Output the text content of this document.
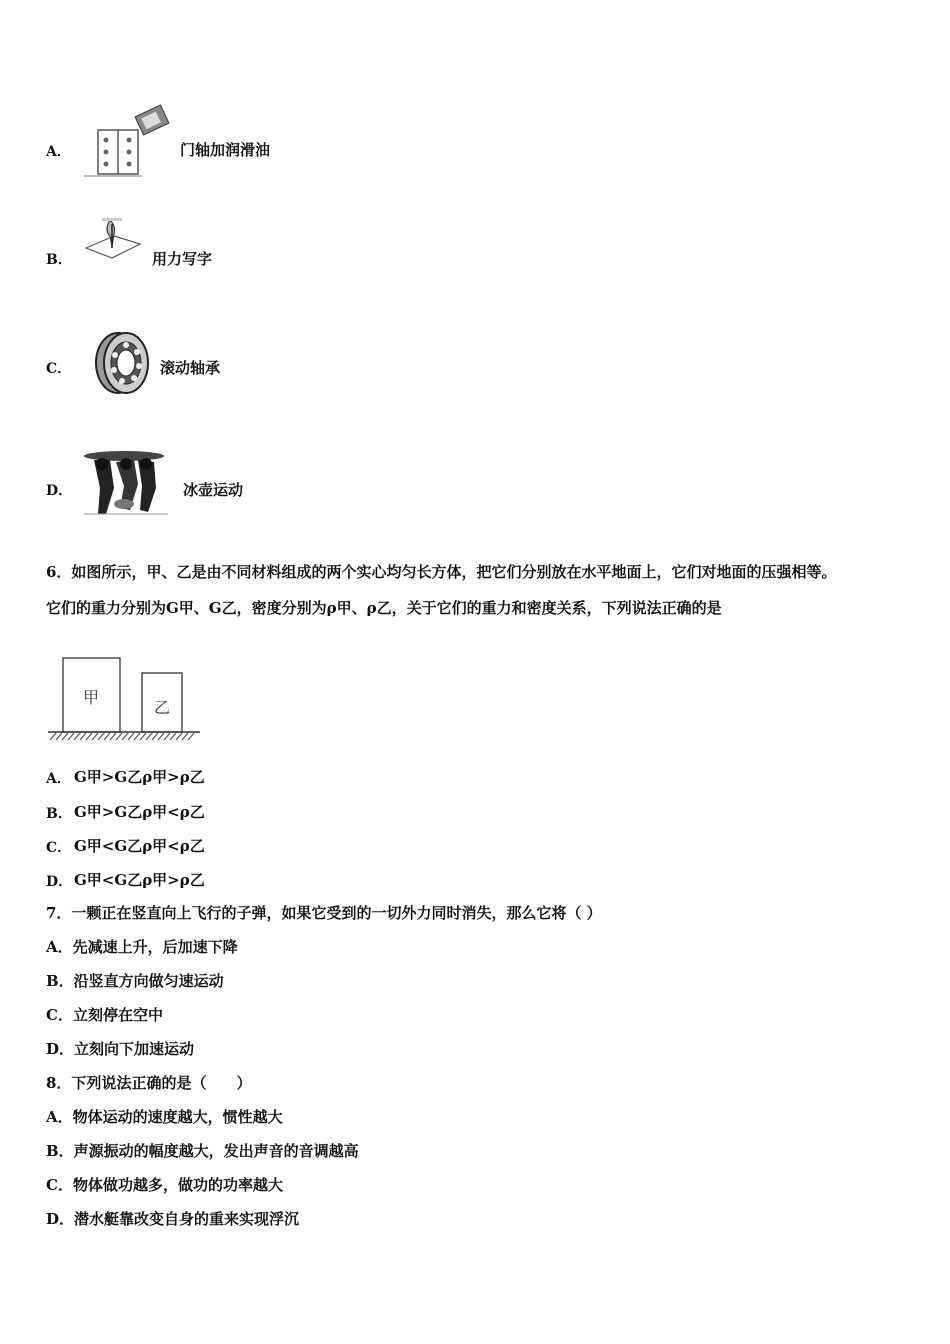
A．	门轴加润滑油
B．	用力写字
C．	滚动轴承
D．	冰壶运动
6．如图所示，甲、乙是由不同材料组成的两个实心均匀长方体，把它们分别放在水平地面上，它们对地面的压强相等。
它们的重力分别为G甲、G乙，密度分别为ρ甲、ρ乙，关于它们的重力和密度关系，下列说法正确的是
甲
乙
A． G甲>G乙ρ甲>ρ乙
B． G甲>G乙ρ甲<ρ乙
C． G甲<G乙ρ甲<ρ乙
D． G甲<G乙ρ甲>ρ乙
7．一颗正在竖直向上飞行的子弹，如果它受到的一切外力同时消失，那么它将（ ）
A．先减速上升，后加速下降
B．沿竖直方向做匀速运动
C．立刻停在空中
D．立刻向下加速运动
8．下列说法正确的是（　　）
A．物体运动的速度越大，惯性越大
B．声源振动的幅度越大，发出声音的音调越高
C．物体做功越多，做功的功率越大
D．潜水艇靠改变自身的重来实现浮沉
